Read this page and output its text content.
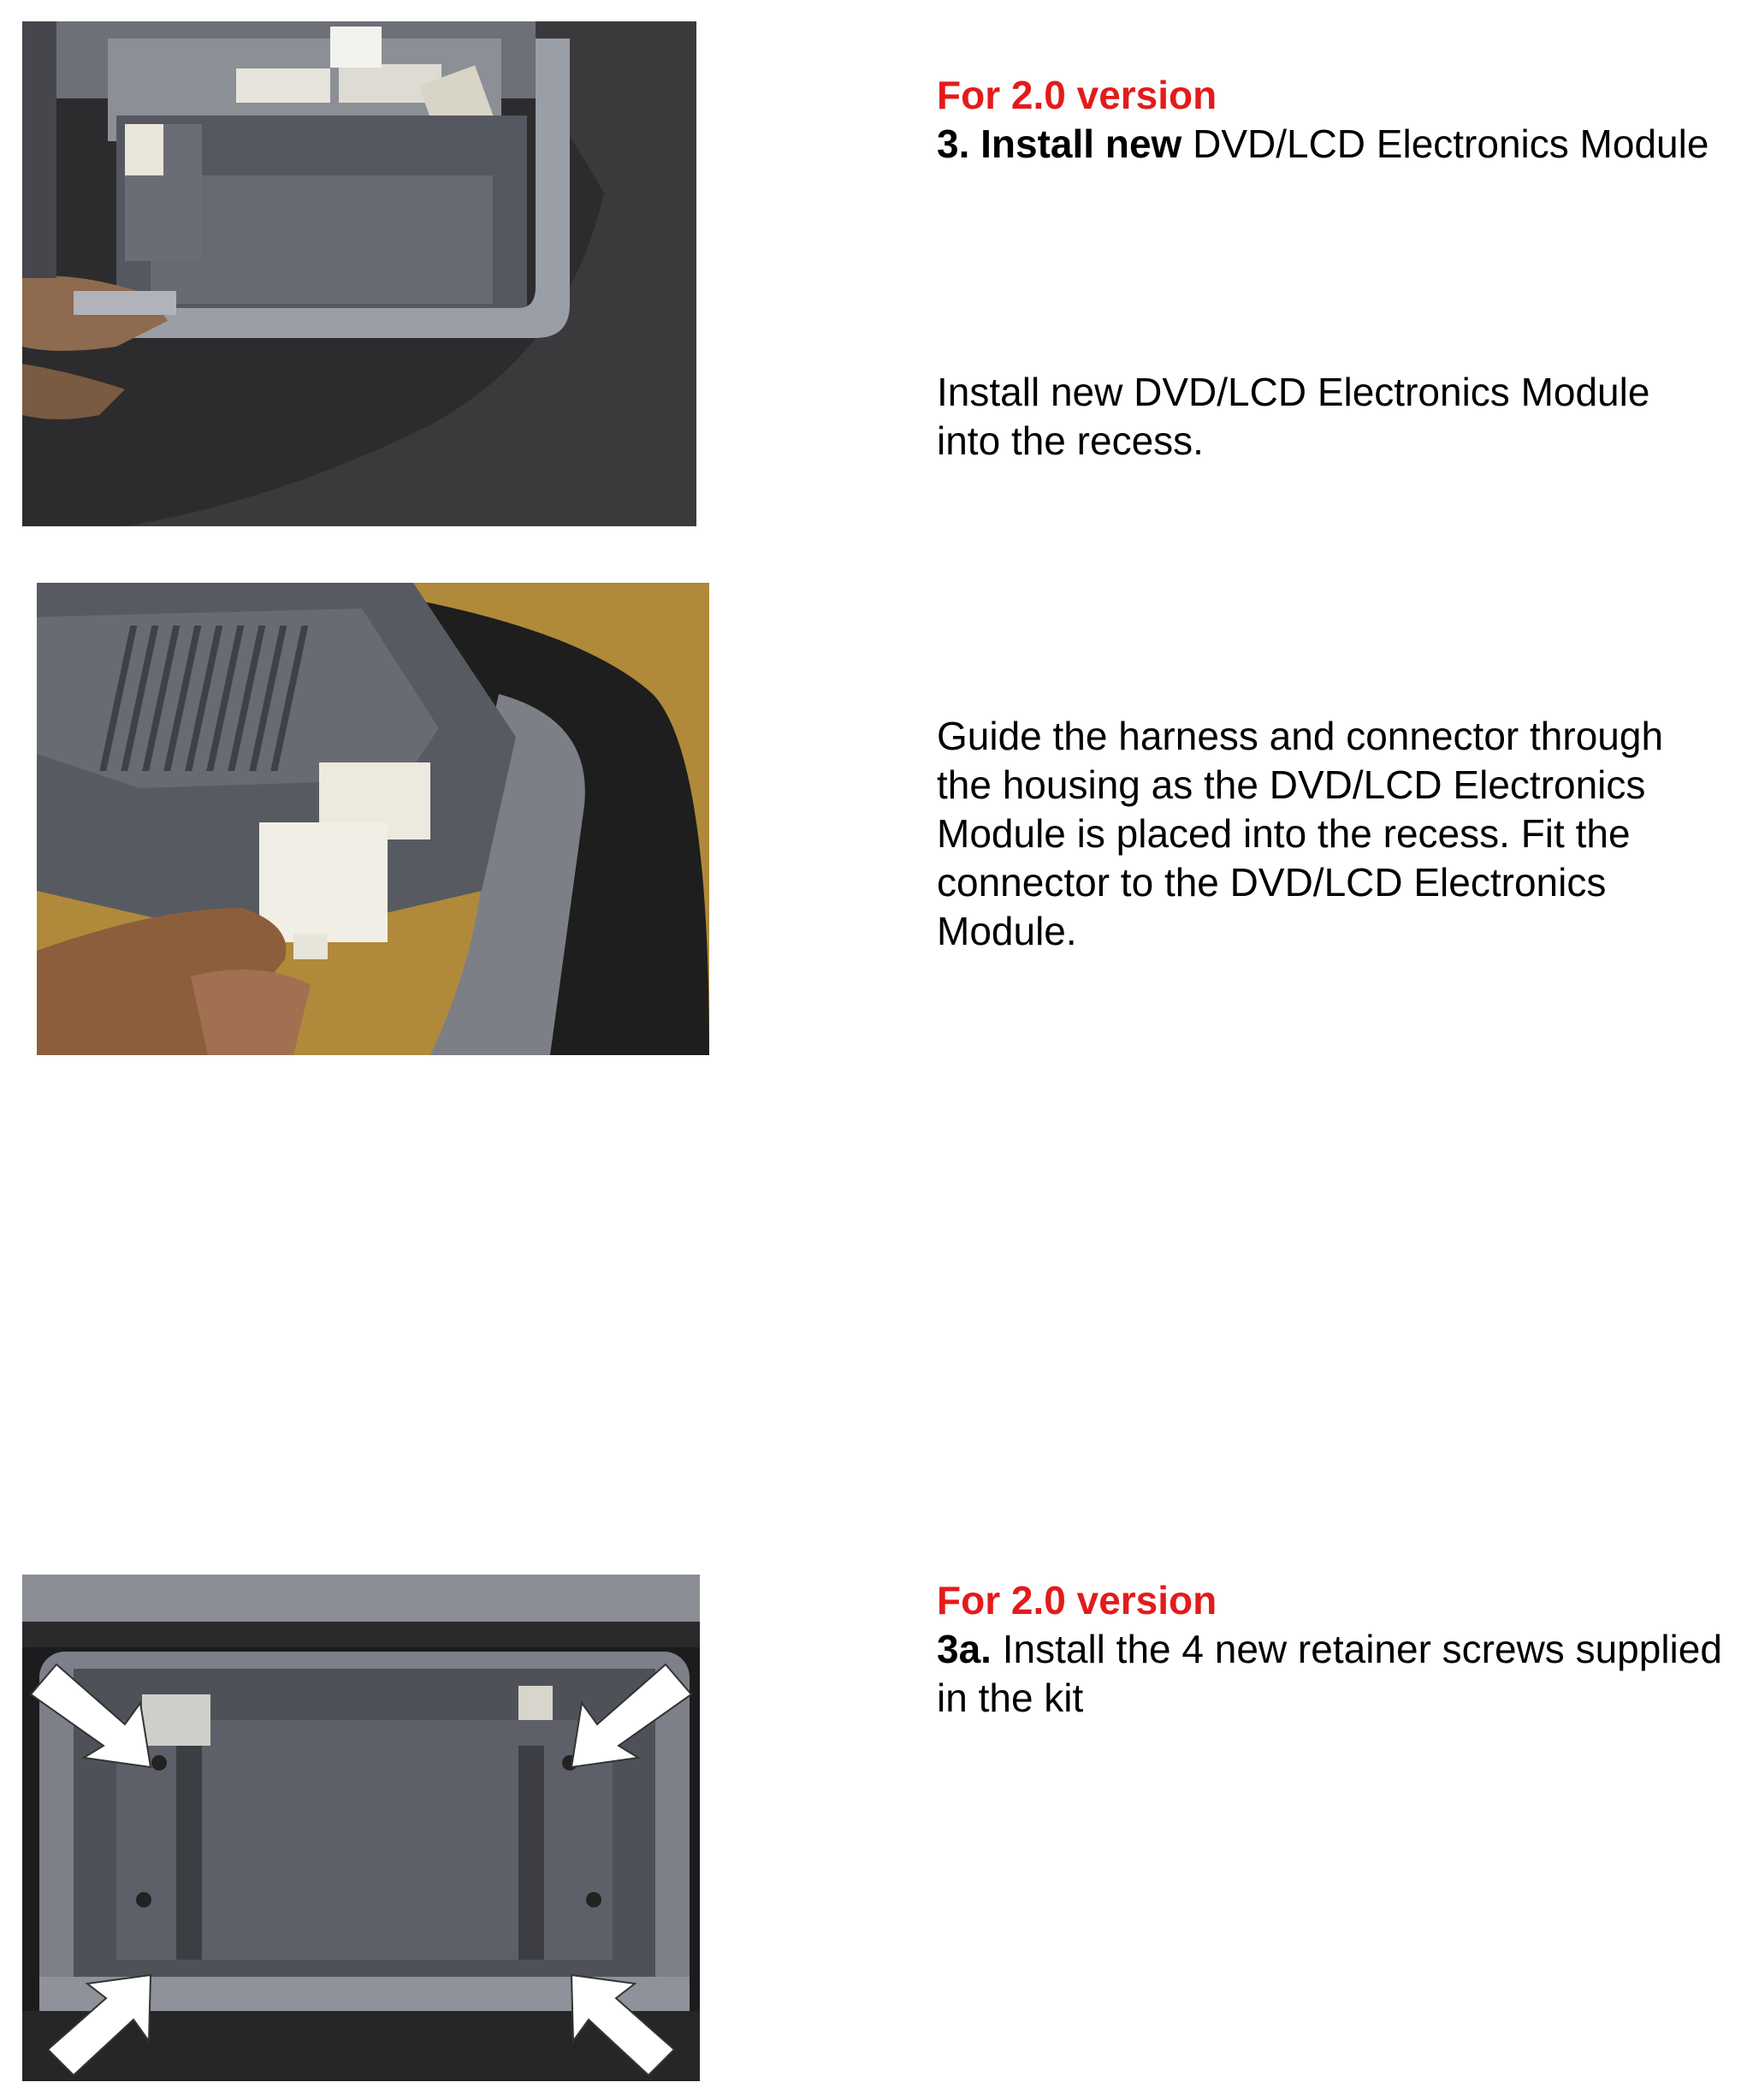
For 2.0 version

3. Install new DVD/LCD Electronics Module

Install new DVD/LCD Electronics Module into the recess.

Guide the harness and connector through the housing as the DVD/LCD Electronics Module is placed into the recess. Fit the connector to the DVD/LCD Electronics Module.

For 2.0 version

3a. Install the 4 new retainer screws supplied in the kit
